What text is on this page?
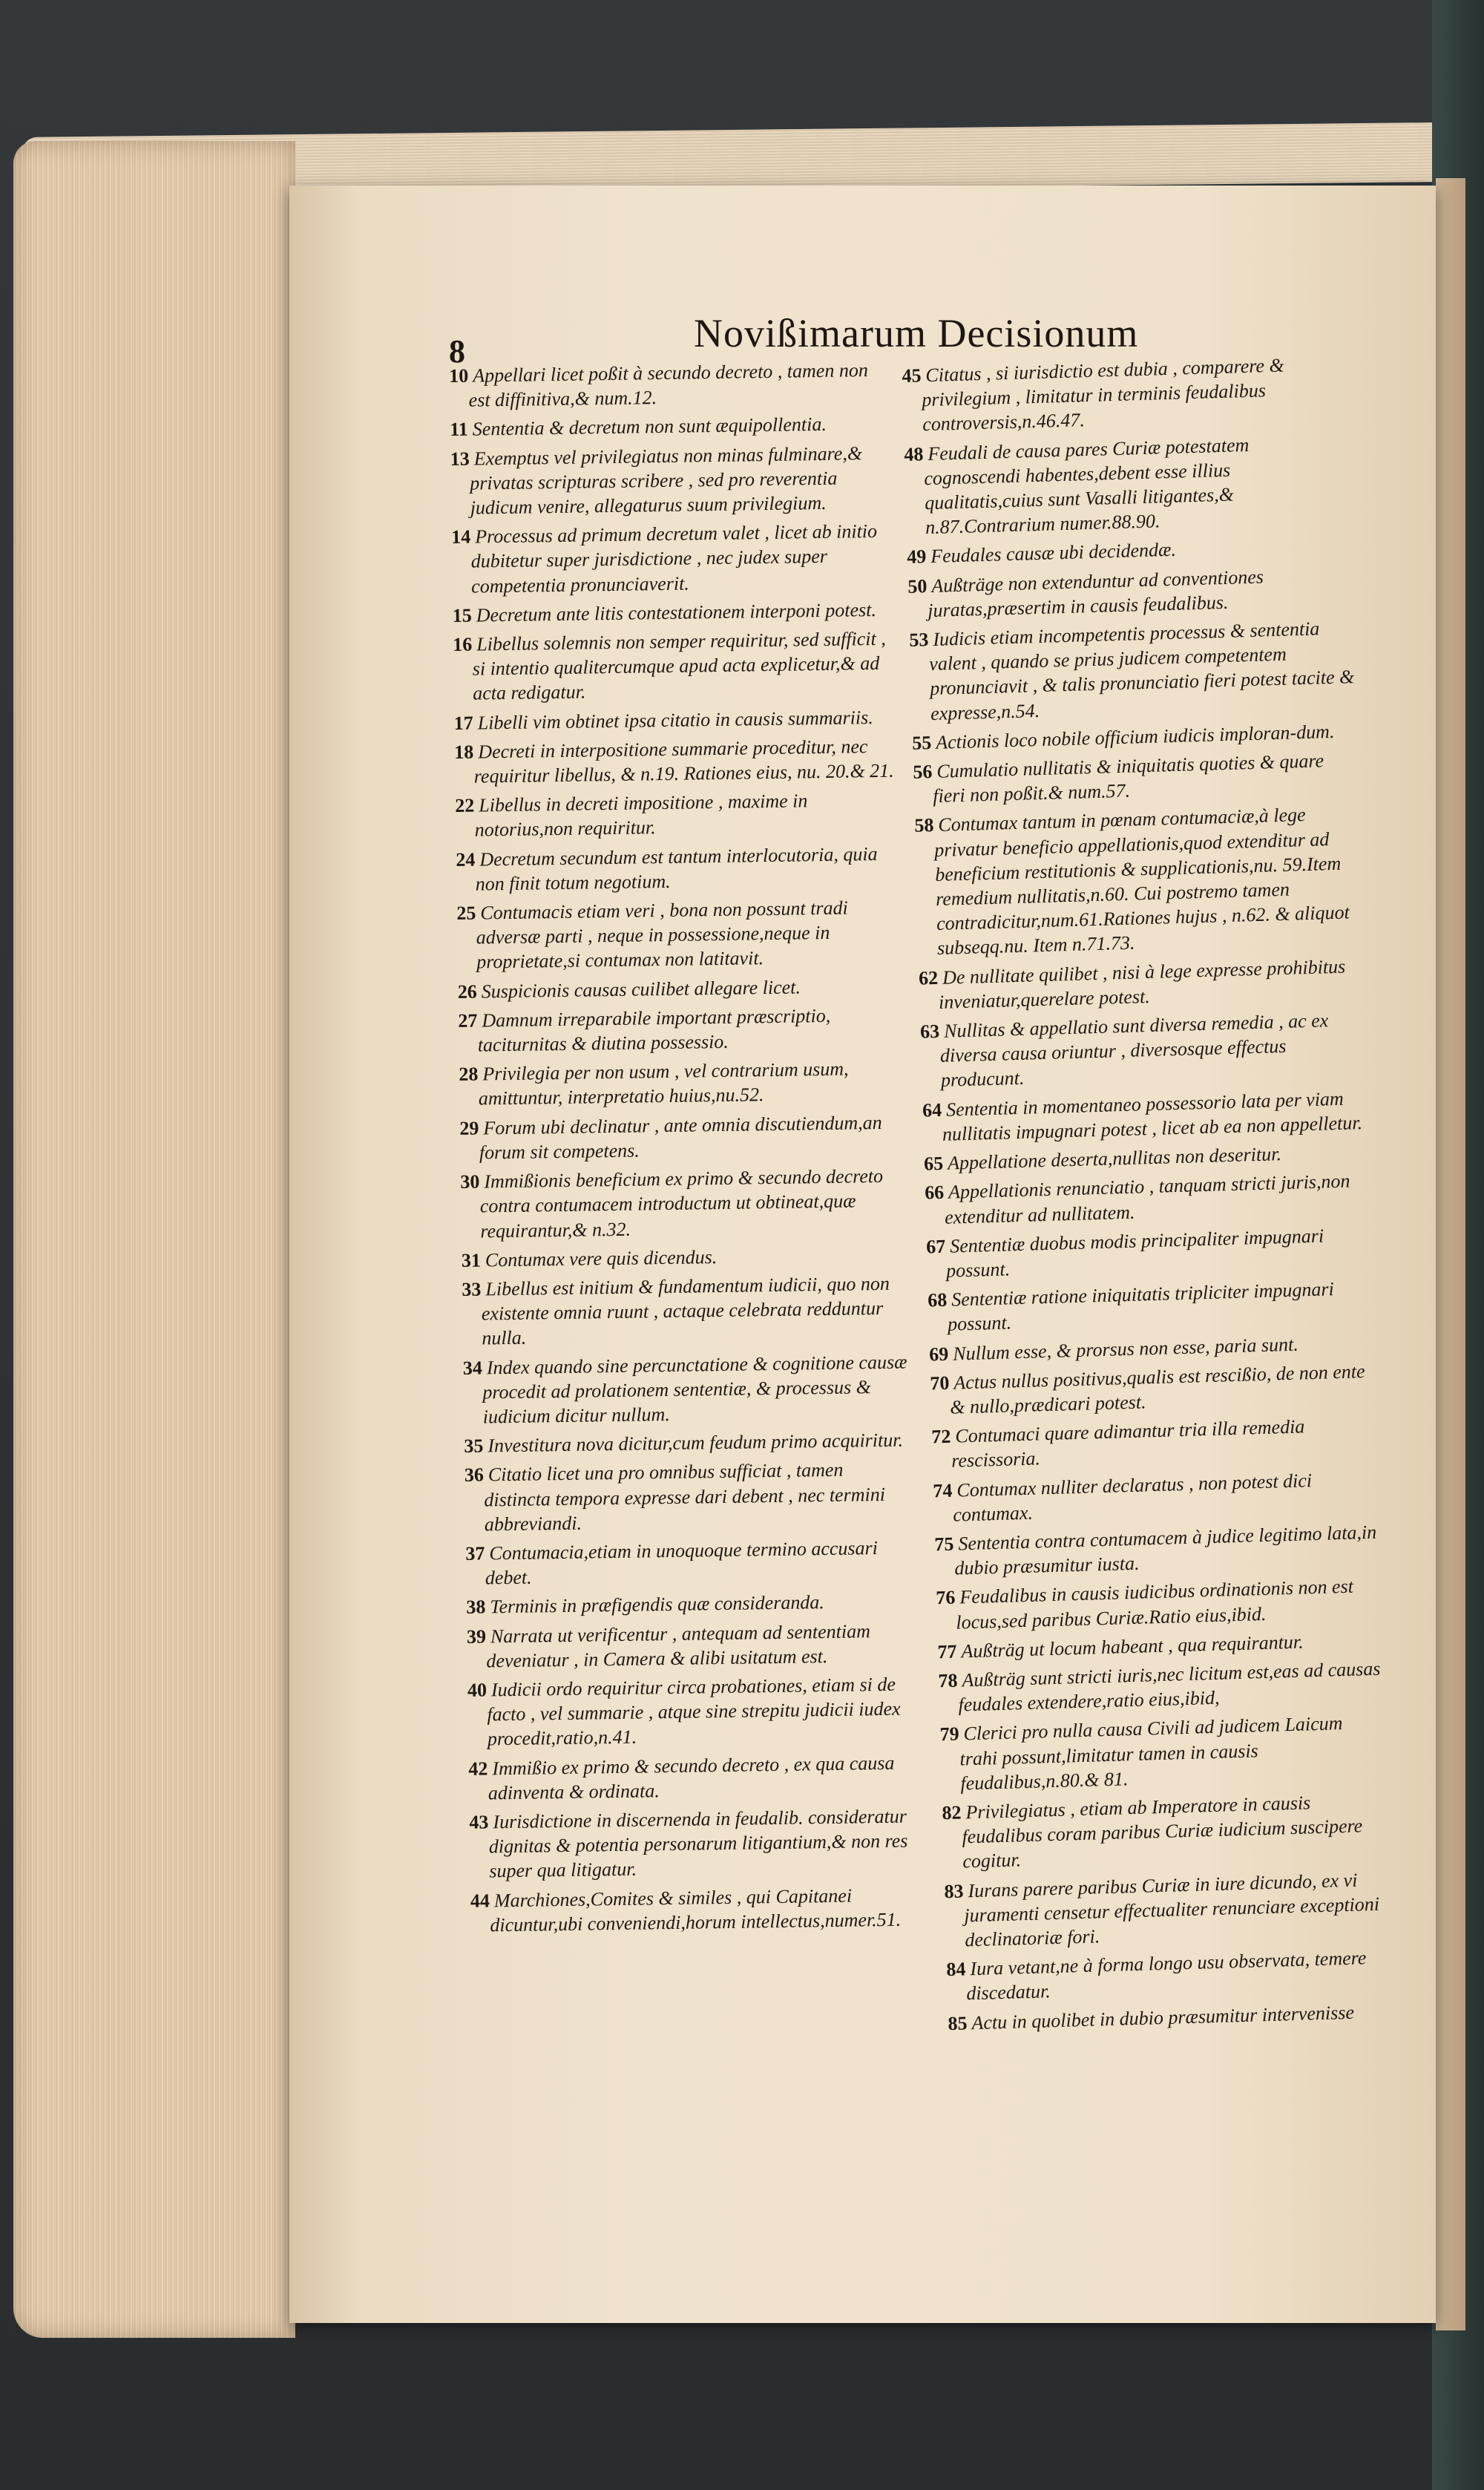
8	Novißimarum Decisionum

10 Appellari licet poßit à secundo decreto , tamen non est diffinitiva,& num.12.

11 Sententia & decretum non sunt æquipollentia.

13 Exemptus vel privilegiatus non minas fulminare,& privatas scripturas scribere , sed pro reverentia judicum venire, allegaturus suum privilegium.

14 Processus ad primum decretum valet , licet ab initio dubitetur super jurisdictione , nec judex super competentia pronunciaverit.

15 Decretum ante litis contestationem interponi potest.

16 Libellus solemnis non semper requiritur, sed sufficit , si intentio qualitercumque apud acta explicetur,& ad acta redigatur.

17 Libelli vim obtinet ipsa citatio in causis summariis.

18 Decreti in interpositione summarie proceditur, nec requiritur libellus, & n.19. Rationes eius, nu. 20.& 21.

22 Libellus in decreti impositione , maxime in notorius,non requiritur.

24 Decretum secundum est tantum interlocutoria, quia non finit totum negotium.

25 Contumacis etiam veri , bona non possunt tradi adversæ parti , neque in possessione,neque in proprietate,si contumax non latitavit.

26 Suspicionis causas cuilibet allegare licet.

27 Damnum irreparabile important præscriptio, taciturnitas & diutina possessio.

28 Privilegia per non usum , vel contrarium usum, amittuntur, interpretatio huius,nu.52.

29 Forum ubi declinatur , ante omnia discutiendum,an forum sit competens.

30 Immißionis beneficium ex primo & secundo decreto contra contumacem introductum ut obtineat,quæ requirantur,& n.32.

31 Contumax vere quis dicendus.

33 Libellus est initium & fundamentum iudicii, quo non existente omnia ruunt , actaque celebrata redduntur nulla.

34 Index quando sine percunctatione & cognitione causæ procedit ad prolationem sententiæ, & processus & iudicium dicitur nullum.

35 Investitura nova dicitur,cum feudum primo acquiritur.

36 Citatio licet una pro omnibus sufficiat , tamen distincta tempora expresse dari debent , nec termini abbreviandi.

37 Contumacia,etiam in unoquoque termino accusari debet.

38 Terminis in præfigendis quæ consideranda.

39 Narrata ut verificentur , antequam ad sententiam deveniatur , in Camera & alibi usitatum est.

40 Iudicii ordo requiritur circa probationes, etiam si de facto , vel summarie , atque sine strepitu judicii iudex procedit,ratio,n.41.

42 Immißio ex primo & secundo decreto , ex qua causa adinventa & ordinata.

43 Iurisdictione in discernenda in feudalib. consideratur dignitas & potentia personarum litigantium,& non res super qua litigatur.

44 Marchiones,Comites & similes , qui Capitanei dicuntur,ubi conveniendi,horum intellectus,numer.51.

45 Citatus , si iurisdictio est dubia , comparere & privilegium , limitatur in terminis feudalibus controversis,n.46.47.

48 Feudali de causa pares Curiæ potestatem cognoscendi habentes,debent esse illius qualitatis,cuius sunt Vasalli litigantes,& n.87.Contrarium numer.88.90.

49 Feudales causæ ubi decidendæ.

50 Außträge non extenduntur ad conventiones juratas,præsertim in causis feudalibus.

53 Iudicis etiam incompetentis processus & sententia valent , quando se prius judicem competentem pronunciavit , & talis pronunciatio fieri potest tacite & expresse,n.54.

55 Actionis loco nobile officium iudicis imploran-dum.

56 Cumulatio nullitatis & iniquitatis quoties & quare fieri non poßit.& num.57.

58 Contumax tantum in pœnam contumaciæ,à lege privatur beneficio appellationis,quod extenditur ad beneficium restitutionis & supplicationis,nu. 59.Item remedium nullitatis,n.60. Cui postremo tamen contradicitur,num.61.Rationes hujus , n.62. & aliquot subseqq.nu. Item n.71.73.

62 De nullitate quilibet , nisi à lege expresse prohibitus inveniatur,querelare potest.

63 Nullitas & appellatio sunt diversa remedia , ac ex diversa causa oriuntur , diversosque effectus producunt.

64 Sententia in momentaneo possessorio lata per viam nullitatis impugnari potest , licet ab ea non appelletur.

65 Appellatione deserta,nullitas non deseritur.

66 Appellationis renunciatio , tanquam stricti juris,non extenditur ad nullitatem.

67 Sententiæ duobus modis principaliter impugnari possunt.

68 Sententiæ ratione iniquitatis tripliciter impugnari possunt.

69 Nullum esse, & prorsus non esse, paria sunt.

70 Actus nullus positivus,qualis est rescißio, de non ente & nullo,prædicari potest.

72 Contumaci quare adimantur tria illa remedia rescissoria.

74 Contumax nulliter declaratus , non potest dici contumax.

75 Sententia contra contumacem à judice legitimo lata,in dubio præsumitur iusta.

76 Feudalibus in causis iudicibus ordinationis non est locus,sed paribus Curiæ.Ratio eius,ibid.

77 Außträg ut locum habeant , qua requirantur.

78 Außträg sunt stricti iuris,nec licitum est,eas ad causas feudales extendere,ratio eius,ibid,

79 Clerici pro nulla causa Civili ad judicem Laicum trahi possunt,limitatur tamen in causis feudalibus,n.80.& 81.

82 Privilegiatus , etiam ab Imperatore in causis feudalibus coram paribus Curiæ iudicium suscipere cogitur.

83 Iurans parere paribus Curiæ in iure dicundo, ex vi juramenti censetur effectualiter renunciare exceptioni declinatoriæ fori.

84 Iura vetant,ne à forma longo usu observata, temere discedatur.

85 Actu in quolibet in dubio præsumitur intervenisse
